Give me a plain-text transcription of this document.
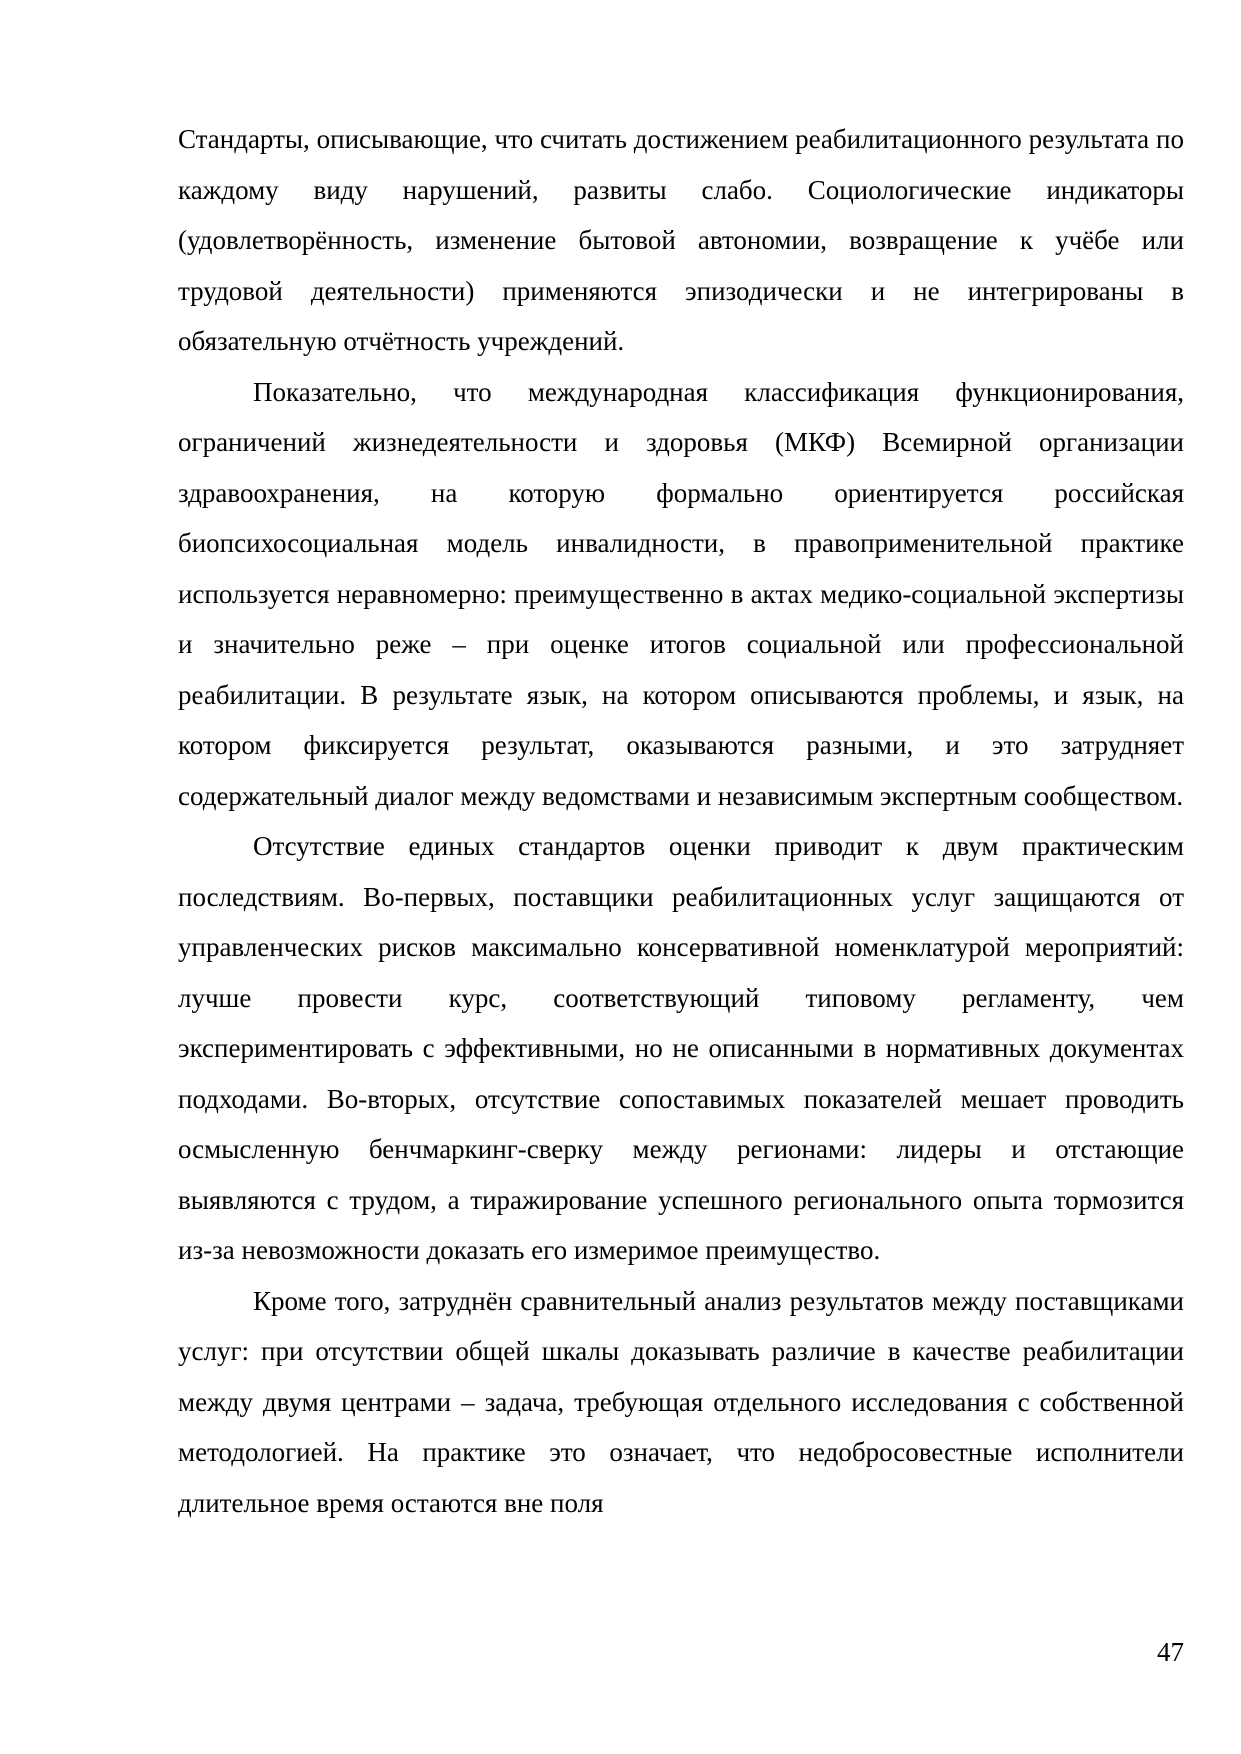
Стандарты, описывающие, что считать достижением реабилитационного результата по каждому виду нарушений, развиты слабо. Социологические индикаторы (удовлетворённость, изменение бытовой автономии, возвращение к учёбе или трудовой деятельности) применяются эпизодически и не интегрированы в обязательную отчётность учреждений.

Показательно, что международная классификация функционирования, ограничений жизнедеятельности и здоровья (МКФ) Всемирной организации здравоохранения, на которую формально ориентируется российская биопсихосоциальная модель инвалидности, в правоприменительной практике используется неравномерно: преимущественно в актах медико-социальной экспертизы и значительно реже – при оценке итогов социальной или профессиональной реабилитации. В результате язык, на котором описываются проблемы, и язык, на котором фиксируется результат, оказываются разными, и это затрудняет содержательный диалог между ведомствами и независимым экспертным сообществом.

Отсутствие единых стандартов оценки приводит к двум практическим последствиям. Во-первых, поставщики реабилитационных услуг защищаются от управленческих рисков максимально консервативной номенклатурой мероприятий: лучше провести курс, соответствующий типовому регламенту, чем экспериментировать с эффективными, но не описанными в нормативных документах подходами. Во-вторых, отсутствие сопоставимых показателей мешает проводить осмысленную бенчмаркинг-сверку между регионами: лидеры и отстающие выявляются с трудом, а тиражирование успешного регионального опыта тормозится из-за невозможности доказать его измеримое преимущество.

Кроме того, затруднён сравнительный анализ результатов между поставщиками услуг: при отсутствии общей шкалы доказывать различие в качестве реабилитации между двумя центрами – задача, требующая отдельного исследования с собственной методологией. На практике это означает, что недобросовестные исполнители длительное время остаются вне поля

47
